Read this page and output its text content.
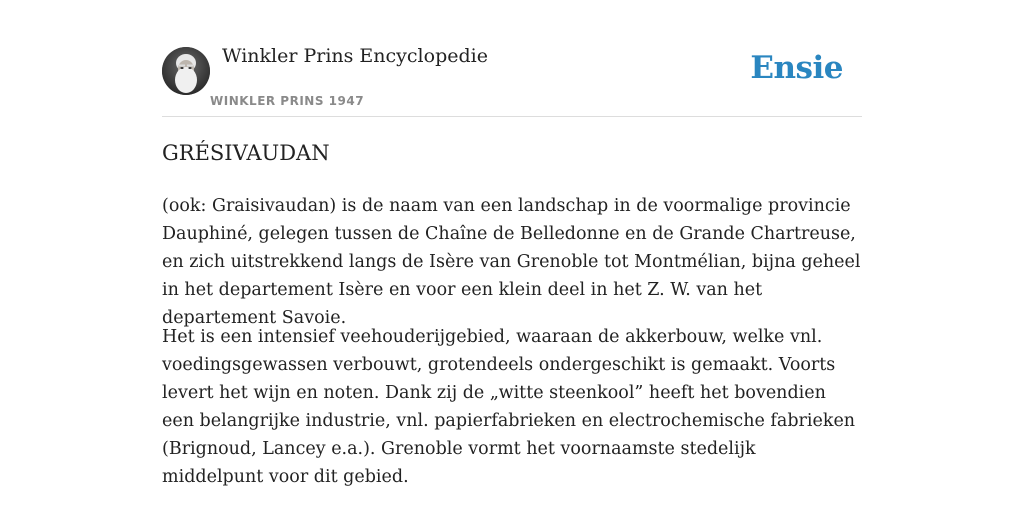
Winkler Prins Encyclopedie
WINKLER PRINS 1947
Ensie
GRÉSIVAUDAN

(ook: Graisivaudan) is de naam van een landschap in de voormalige provincie Dauphiné, gelegen tussen de Chaîne de Belledonne en de Grande Chartreuse, en zich uitstrekkend langs de Isère van Grenoble tot Montmélian, bijna geheel in het departement Isère en voor een klein deel in het Z. W. van het departement Savoie.

Het is een intensief veehouderijgebied, waaraan de akkerbouw, welke vnl. voedingsgewassen verbouwt, grotendeels ondergeschikt is gemaakt. Voorts levert het wijn en noten. Dank zij de „witte steenkool” heeft het bovendien een belangrijke industrie, vnl. papierfabrieken en electrochemische fabrieken (Brignoud, Lancey e.a.). Grenoble vormt het voornaamste stedelijk middelpunt voor dit gebied.
